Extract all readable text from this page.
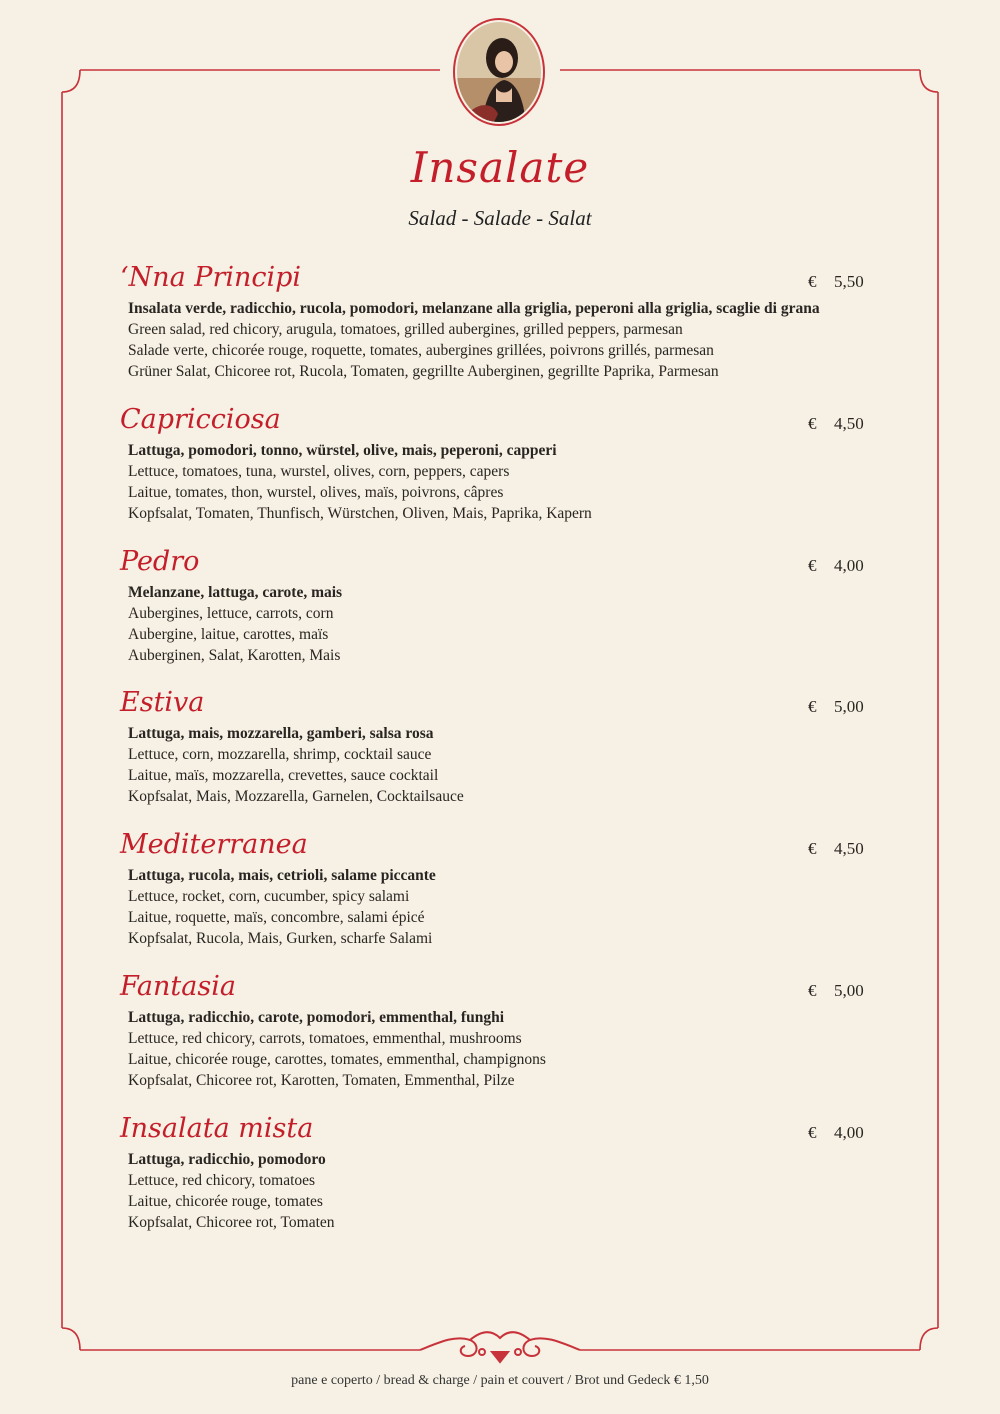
Insalate
Salad - Salade - Salat
‘Nna Principi	€ 5,50
Insalata verde, radicchio, rucola, pomodori, melanzane alla griglia, peperoni alla griglia, scaglie di grana
Green salad, red chicory, arugula, tomatoes, grilled aubergines, grilled peppers, parmesan
Salade verte, chicorée rouge, roquette, tomates, aubergines grillées, poivrons grillés, parmesan
Grüner Salat, Chicoree rot, Rucola, Tomaten, gegrillte Auberginen, gegrillte Paprika, Parmesan
Capricciosa	€ 4,50
Lattuga, pomodori, tonno, würstel, olive, mais, peperoni, capperi
Lettuce, tomatoes, tuna, wurstel, olives, corn, peppers, capers
Laitue, tomates, thon, wurstel, olives, maïs, poivrons, câpres
Kopfsalat, Tomaten, Thunfisch, Würstchen, Oliven, Mais, Paprika, Kapern
Pedro	€ 4,00
Melanzane, lattuga, carote, mais
Aubergines, lettuce, carrots, corn
Aubergine, laitue, carottes, maïs
Auberginen, Salat, Karotten, Mais
Estiva	€ 5,00
Lattuga, mais, mozzarella, gamberi, salsa rosa
Lettuce, corn, mozzarella, shrimp, cocktail sauce
Laitue, maïs, mozzarella, crevettes, sauce cocktail
Kopfsalat, Mais, Mozzarella, Garnelen, Cocktailsauce
Mediterranea	€ 4,50
Lattuga, rucola, mais, cetrioli, salame piccante
Lettuce, rocket, corn, cucumber, spicy salami
Laitue, roquette, maïs, concombre, salami épicé
Kopfsalat, Rucola, Mais, Gurken, scharfe Salami
Fantasia	€ 5,00
Lattuga, radicchio, carote, pomodori, emmenthal, funghi
Lettuce, red chicory, carrots, tomatoes, emmenthal, mushrooms
Laitue, chicorée rouge, carottes, tomates, emmenthal, champignons
Kopfsalat, Chicoree rot, Karotten, Tomaten, Emmenthal, Pilze
Insalata mista	€ 4,00
Lattuga, radicchio, pomodoro
Lettuce, red chicory, tomatoes
Laitue, chicorée rouge, tomates
Kopfsalat, Chicoree rot, Tomaten
pane e coperto / bread & charge / pain et couvert / Brot und Gedeck € 1,50
